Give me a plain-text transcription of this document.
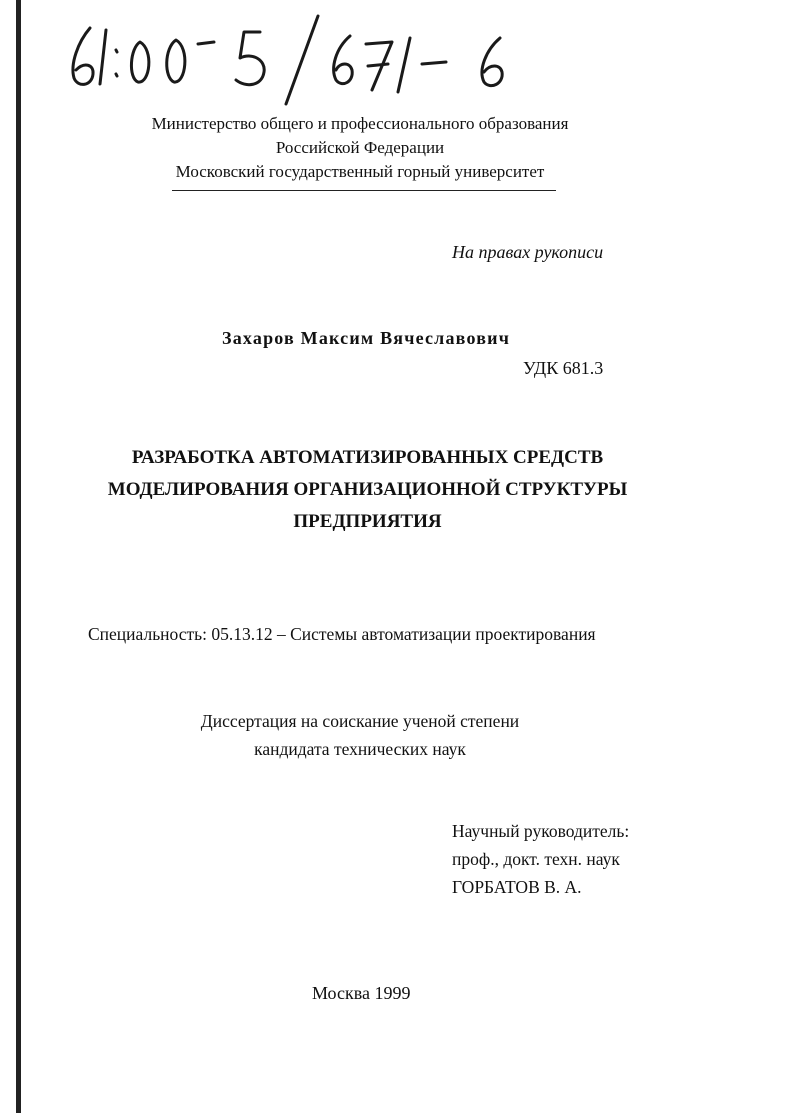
Министерство общего и профессионального образования
Российской Федерации
Московский государственный горный университет
На правах рукописи
Захаров Максим Вячеславович
УДК 681.3
РАЗРАБОТКА АВТОМАТИЗИРОВАННЫХ СРЕДСТВ
МОДЕЛИРОВАНИЯ ОРГАНИЗАЦИОННОЙ СТРУКТУРЫ
ПРЕДПРИЯТИЯ
Специальность: 05.13.12 – Системы автоматизации проектирования
Диссертация на соискание ученой степени
кандидата технических наук
Научный руководитель:
проф., докт. техн. наук
ГОРБАТОВ В. А.
Москва 1999
